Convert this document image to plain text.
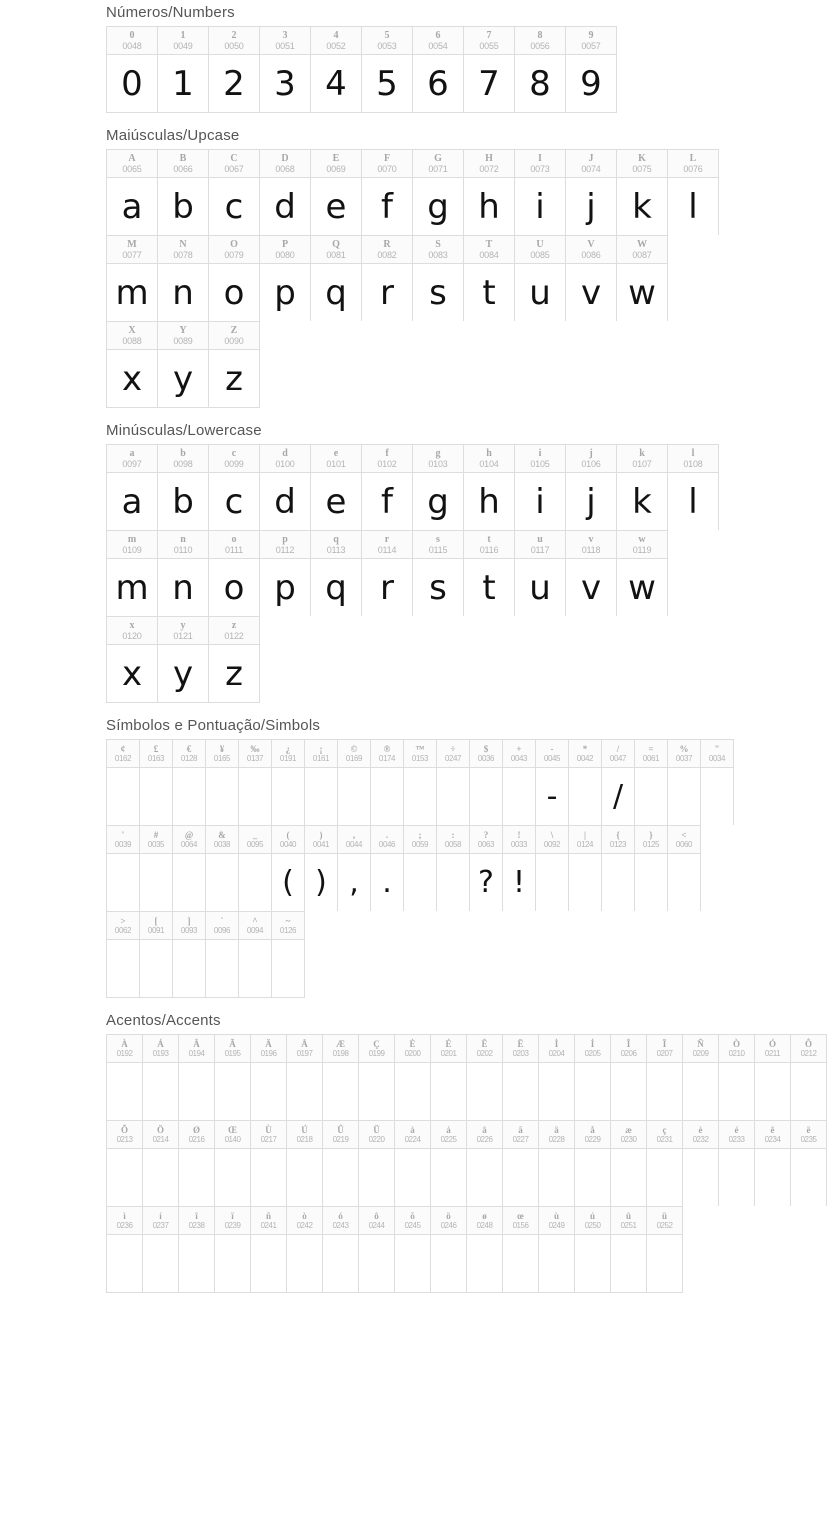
Números/Numbers
0
0048
0
1
0049
1
2
0050
2
3
0051
3
4
0052
4
5
0053
5
6
0054
6
7
0055
7
8
0056
8
9
0057
9
Maiúsculas/Upcase
A
0065
a
B
0066
b
C
0067
c
D
0068
d
E
0069
e
F
0070
f
G
0071
g
H
0072
h
I
0073
i
J
0074
j
K
0075
k
L
0076
l
M
0077
m
N
0078
n
O
0079
o
P
0080
p
Q
0081
q
R
0082
r
S
0083
s
T
0084
t
U
0085
u
V
0086
v
W
0087
w
X
0088
x
Y
0089
y
Z
0090
z
Minúsculas/Lowercase
a
0097
a
b
0098
b
c
0099
c
d
0100
d
e
0101
e
f
0102
f
g
0103
g
h
0104
h
i
0105
i
j
0106
j
k
0107
k
l
0108
l
m
0109
m
n
0110
n
o
0111
o
p
0112
p
q
0113
q
r
0114
r
s
0115
s
t
0116
t
u
0117
u
v
0118
v
w
0119
w
x
0120
x
y
0121
y
z
0122
z
Símbolos e Pontuação/Simbols
¢
0162
£
0163
€
0128
¥
0165
‰
0137
¿
0191
¡
0161
©
0169
®
0174
™
0153
÷
0247
$
0036
+
0043
-
0045
-
*
0042
/
0047
/
=
0061
%
0037
"
0034
'
0039
#
0035
@
0064
&
0038
_
0095
(
0040
(
)
0041
)
,
0044
,
.
0046
.
;
0059
:
0058
?
0063
?
!
0033
!
\
0092
|
0124
{
0123
}
0125
<
0060
>
0062
[
0091
]
0093
`
0096
^
0094
~
0126
Acentos/Accents
À
0192
Á
0193
Â
0194
Ã
0195
Ä
0196
Å
0197
Æ
0198
Ç
0199
È
0200
É
0201
Ê
0202
Ë
0203
Ì
0204
Í
0205
Î
0206
Ï
0207
Ñ
0209
Ò
0210
Ó
0211
Ô
0212
Õ
0213
Ö
0214
Ø
0216
Œ
0140
Ù
0217
Ú
0218
Û
0219
Ü
0220
à
0224
á
0225
â
0226
ã
0227
ä
0228
å
0229
æ
0230
ç
0231
è
0232
é
0233
ê
0234
ë
0235
ì
0236
í
0237
î
0238
ï
0239
ñ
0241
ò
0242
ó
0243
ô
0244
õ
0245
ö
0246
ø
0248
œ
0156
ù
0249
ú
0250
û
0251
ü
0252
